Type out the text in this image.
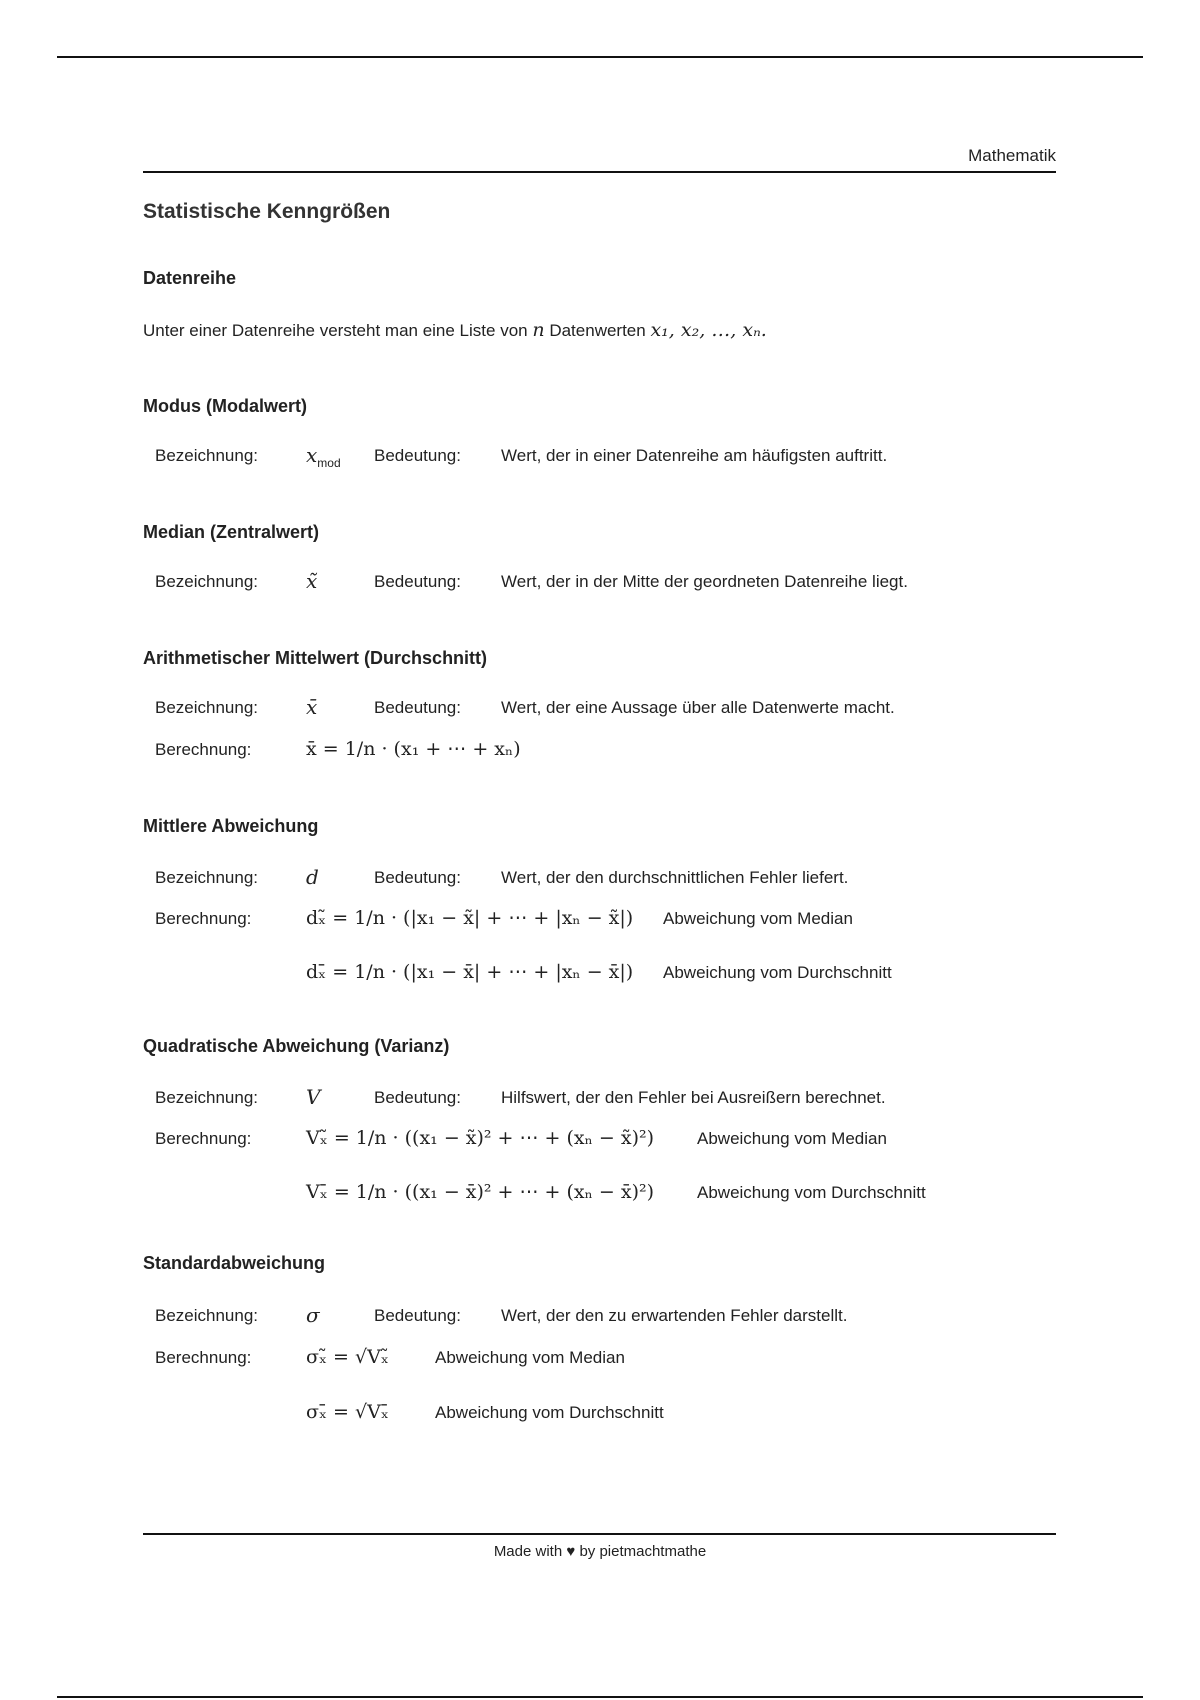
Mathematik
Statistische Kenngrößen
Datenreihe
Unter einer Datenreihe versteht man eine Liste von n Datenwerten x₁, x₂, …, xₙ.
Modus (Modalwert)
Bezeichnung: $x_{mod}$ Bedeutung: Wert, der in einer Datenreihe am häufigsten auftritt.
Median (Zentralwert)
Bezeichnung: x̃	Bedeutung: Wert, der in der Mitte der geordneten Datenreihe liegt.
Arithmetischer Mittelwert (Durchschnitt)
Bezeichnung: x̄	Bedeutung: Wert, der eine Aussage über alle Datenwerte macht.
Berechnung:	x̄ = 1/n · (x₁ + ⋯ + xₙ)
Mittlere Abweichung
Bezeichnung: d	Bedeutung: Wert, der den durchschnittlichen Fehler liefert.
Berechnung:	dₓ̃ = 1/n · (|x₁ − x̃| + ⋯ + |xₙ − x̃|) Abweichung vom Median
dₓ̄ = 1/n · (|x₁ − x̄| + ⋯ + |xₙ − x̄|) Abweichung vom Durchschnitt
Quadratische Abweichung (Varianz)
Bezeichnung: V	Bedeutung: Hilfswert, der den Fehler bei Ausreißern berechnet.
Berechnung:	Vₓ̃ = 1/n · ((x₁ − x̃)² + ⋯ + (xₙ − x̃)²)	Abweichung vom Median
Vₓ̄ = 1/n · ((x₁ − x̄)² + ⋯ + (xₙ − x̄)²)	Abweichung vom Durchschnitt
Standardabweichung
Bezeichnung: σ	Bedeutung: Wert, der den zu erwartenden Fehler darstellt.
Berechnung:	σₓ̃ = √Vₓ̃	Abweichung vom Median
σₓ̄ = √Vₓ̄	Abweichung vom Durchschnitt
Made with ♥ by pietmachtmathe
